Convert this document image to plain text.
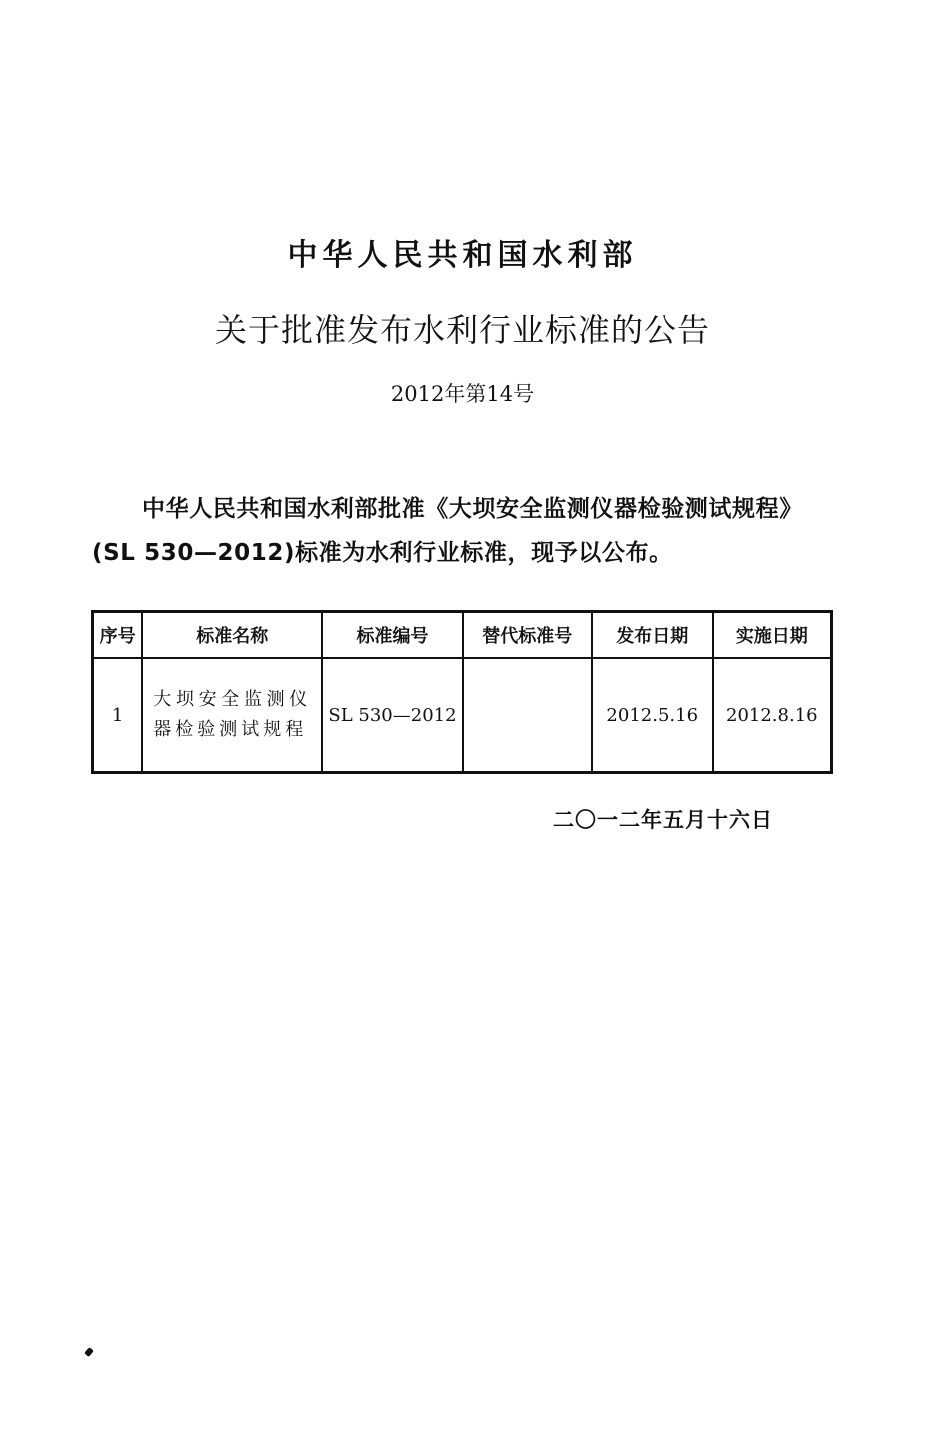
中华人民共和国水利部
关于批准发布水利行业标准的公告
2012年第14号
中华人民共和国水利部批准《大坝安全监测仪器检验测试规程》(SL 530—2012)标准为水利行业标准，现予以公布。
序号	标准名称	标准编号	替代标准号	发布日期	实施日期
1	大坝安全监测仪器检验测试规程	SL 530—2012		2012.5.16	2012.8.16
二〇一二年五月十六日
